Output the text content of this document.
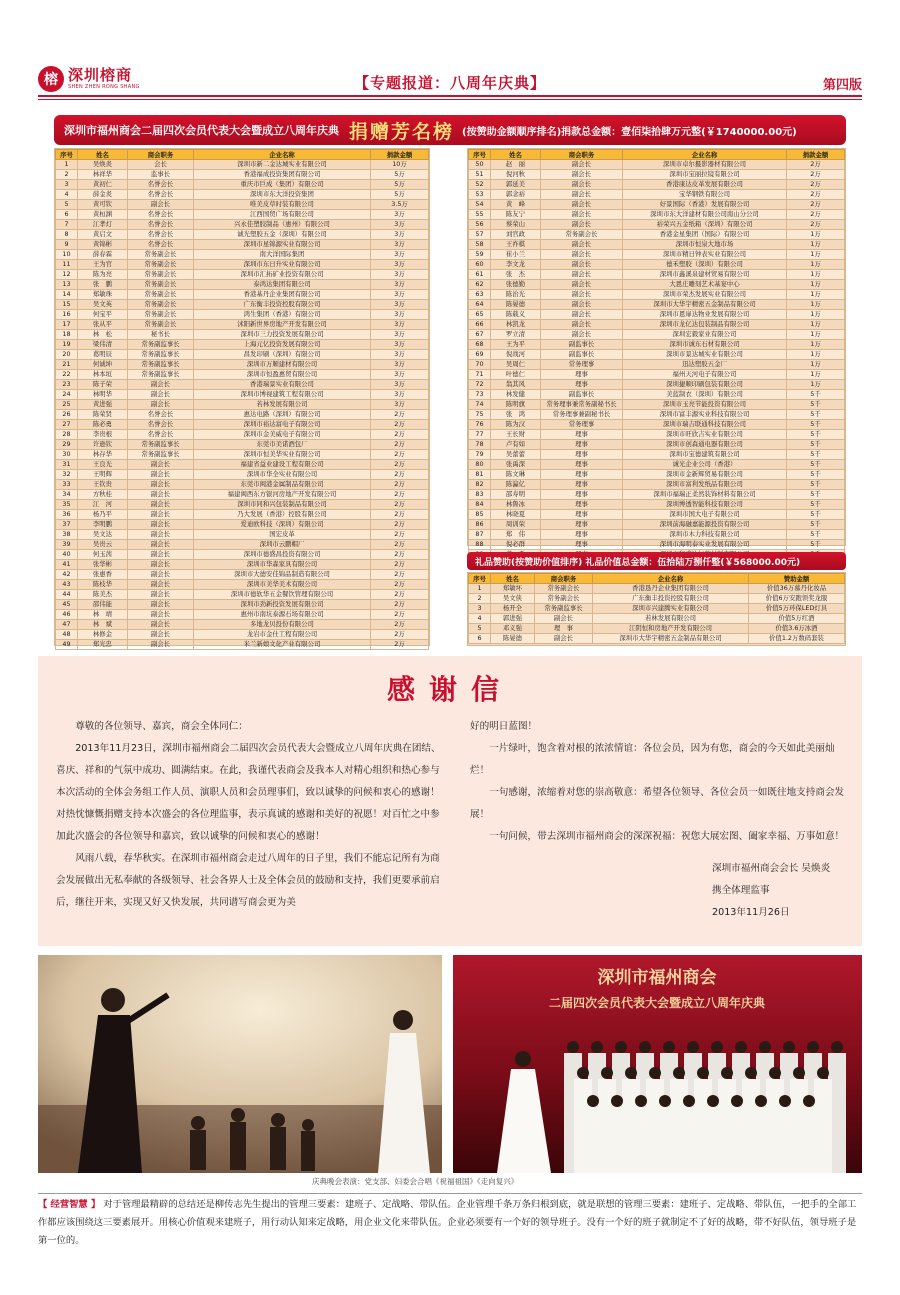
榕 深圳榕商
SHEN ZHEN RONG SHANG	【专题报道：八周年庆典】	第四版
深圳市福州商会二届四次会员代表大会暨成立八周年庆典 捐赠芳名榜 (按赞助金额顺序排名)捐款总金额：壹佰柒拾肆万元整(￥1740000.00元)
序号	姓名	商会职务	企业名称	捐款金额
1	吴焕炎	会长	深圳市新二金达城实业有限公司	10万
2	林祥华	监事长	香港福成投资集团有限公司	5万
3	黄初仁	名誉会长	重庆市巨成（集团）有限公司	5万
4	薛金炎	名誉会长	深圳市东大洋投资集团	5万
5	黄可钦	副会长	唯美皮草时装有限公司	3.5万
6	黄桓渊	名誉会长	江西国贸广场有限公司	3万
7	江孝灯	名誉会长	兴永佳塑胶制品（惠州）有限公司	3万
8	黄启文	名誉会长	诚光塑胶五金（深圳）有限公司	3万
9	黄锦彬	名誉会长	深圳市星锦源实业有限公司	3万
10	薛春霖	常务副会长	南大洋国际集团	3万
11	王为官	常务副会长	深圳市东日升实业有限公司	3万
12	陈为亮	常务副会长	深圳市汇拓矿业投资有限公司	3万
13	张　鹏	常务副会长	泰鸿达集团有限公司	3万
14	郑敏珠	常务副会长	香港基丹企业集团有限公司	3万
15	吴文英	常务副会长	广东衡丰投资控股有限公司	3万
16	何宝平	常务副会长	鸿生集团（香港）有限公司	3万
17	张从平	常务副会长	沭阳新世界房地产开发有限公司	3万
18	林　松	秘书长	深圳市三力投资发展有限公司	3万
19	梁伟清	常务副监事长	上海元亿投资发展有限公司	3万
20	葛明辰	常务副监事长	昌发印刷（深圳）有限公司	3万
21	何诚坤	常务副监事长	深圳市万顺建材有限公司	3万
22	林本垣	常务副监事长	深圳市恒盈惠贸有限公司	3万
23	陈子荣	副会长	香港瑞景实业有限公司	3万
24	林明华	副会长	深圳市博视建筑工程有限公司	3万
25	黄进强	副会长	若林发展有限公司	3万
26	陈荣贤	名誉会长	惠达电路（深圳）有限公司	2万
27	陈必勇	名誉会长	深圳市裕达富电子有限公司	2万
28	李贵根	名誉会长	深圳市金美威电子有限公司	2万
29	许逊钦	常务副监事长	东莞市美诺酒包厂	2万
30	林存华	常务副监事长	深圳市恒美华实业有限公司	2万
31	王良光	副会长	福建省益业建设工程有限公司	2万
32	王明辉	副会长	深圳市华全实业有限公司	2万
33	王钦贵	副会长	东莞市闽港金属制品有限公司	2万
34	方秋桂	副会长	福建闽西东方银河房地产开发有限公司	2万
35	江　河	副会长	深圳市同和兴包装制品有限公司	2万
36	杨乃平	副会长	乃大发展（香港）控股有限公司	2万
37	李明鹏	副会长	爱迪欧科技（深圳）有限公司	2万
38	吴文达	副会长	国宏皮革	2万
39	吴贵云	副会长	深圳市云鹏帽厂	2万
40	何玉茜	副会长	深圳市德盛昌投资有限公司	2万
41	张华彬	副会长	深圳市华森家具有限公司	2万
42	张惠香	副会长	深圳市大德安佳锦品制造有限公司	2万
43	陈枝华	副会长	深圳市美华美术有限公司	2万
44	陈美杰	副会长	深圳市德软华五金餐饮管理有限公司	2万
45	邵伟能	副会长	深圳市劲新投资发展有限公司	2万
46	林　靖	副会长	惠州市南坑泰源石场有限公司	2万
47	林　斌	副会长	多地龙贝投份有限公司	2万
48	林修金	副会长	龙岩市金仕工程有限公司	2万
49	郑光忠	副会长	米兰新娘文化产业有限公司	2万
序号	姓名	商会职务	企业名称	捐款金额
50	赵　丽	副会长	深圳市卓尔摄影器材有限公司	2万
51	倪河秋	副会长	深圳市宝丽拉镜有限公司	2万
52	郭延美	副会长	香港康达皮革发展有限公司	2万
53	郭念裕	副会长	宝华钢铁有限公司	2万
54	黄　峰	副会长	好景国际（香港）发展有限公司	2万
55	陈友宁	副会长	深圳市东大洋建材有限公司南山分公司	2万
56	蔡荣山	副会长	裕荣兴五金纸箱（深圳）有限公司	2万
57	刘官政	常务副会长	香港金星集团（国际）有限公司	1万
58	王祚棋	副会长	深圳市恒泉大地市场	1万
59	崔小兰	副会长	深圳市精日钟表实业有限公司	1万
60	李文龙	副会长	德禾塑胶（深圳）有限公司	1万
61	张　杰	副会长	深圳市鑫溪泉建材贸易有限公司	1万
62	张德勤	副会长	大恩庄雕刻艺术基宴中心	1万
63	陈治光	副会长	深圳市荣杰发展实业有限公司	1万
64	陈晏德	副会长	深圳市大华宇精密五金制品有限公司	1万
65	陈载义	副会长	深圳市恩扉达物业发展有限公司	1万
66	林凯龙	副会长	深圳市龙亿达包装制品有限公司	1万
67	罗立清	副会长	深圳宏毅家业有限公司	1万
68	王为平	副监事长	深圳市诚东石材有限公司	1万
69	倪战河	副监事长	深圳市景达城实业有限公司	1万
70	吴周仁	常务理事	迅达塑胶五金厂	1万
71	叶德仁	理事	福州天河电子有限公司	1万
72	翁其风	理事	深圳捷顺印刷包装有限公司	1万
73	林发健	副监事长	美蓝制衣（深圳）有限公司	5千
74	陈明旗	常务理事兼常务副秘书长	深圳市玉亮节能投资有限公司	5千
75	张　鸿	常务理事兼副秘书长	深圳市富丰源实业科技有限公司	5千
76	陈为汉	常务理事	深圳市瑞吉联通科技有限公司	5千
77	王长财	理事	深圳市旺欣吉实业有限公司	5千
78	卢有如	理事	深圳市创森通电器有限公司	5千
79	吴蕾蕾	理事	深圳市宝德建筑有限公司	5千
80	张禹深	理事	诚光企业公司（香港）	5千
81	陈文琳	理事	深圳市金新辉贸易有限公司	5千
82	陈瀛亿	理事	深圳市富利发纸品有限公司	5千
83	邵寿明	理事	深圳市福瑞正柔然装饰材料有限公司	5千
84	林鲁冰	理事	深圳博透智能科技有限公司	5千
85	林晓夏	理事	深圳市国大电子有限公司	5千
86	周训荣	理事	深圳前海融嘉能源投资有限公司	5千
87	郑　伟	理事	深圳市木力科技有限公司	5千
88	倪必群	理事	深圳市海明泰实业发展有限公司	5千

礼品赞助(按赞助价值排序) 礼品价值总金额：伍拾陆万捌仟整(￥568000.00元)
序号	姓名	商会职务	企业名称	赞助金额
1	郑敏坏	常务副会长	香港恳丹企业集团有限公司	价值36万慕丹化妆品
2	吴文侠	常务副会长	广东衡丰投资控股有限公司	价值6万安跑领奖龙服
3	杨开全	常务副监事长	深圳市兴建腾实业有限公司	价值5万环保LED灯具
4	郭进强	副会长	若林发展有限公司	价值5万红酒
5	邓义强	理　事	江阴恒和房地产开发有限公司	价值3.6万冰酒
6	陈晏德	副会长	深圳市大华宇精密五金制品有限公司	价值1.2万数码套装
感谢信

尊敬的各位领导、嘉宾，商会全体同仁：

2013年11月23日，深圳市福州商会二届四次会员代表大会暨成立八周年庆典在团结、喜庆、祥和的气氛中成功、圆满结束。在此，我谨代表商会及我本人对精心组织和热心参与本次活动的全体会务组工作人员、演职人员和会员理事们，致以诚挚的问候和衷心的感谢！对热忱慷慨捐赠支持本次盛会的各位理监事，表示真诚的感谢和美好的祝愿！对百忙之中参加此次盛会的各位领导和嘉宾，致以诚挚的问候和衷心的感谢！

风雨八载，春华秋实。在深圳市福州商会走过八周年的日子里，我们不能忘记所有为商会发展做出无私奉献的各级领导、社会各界人士及全体会员的鼓励和支持，我们更要承前启后，继往开来，实现又好又快发展，共同谱写商会更为美

好的明日蓝图！

一片绿叶，饱含着对根的浓浓情谊：各位会员，因为有您，商会的今天如此美丽灿烂！

一句感谢，浓缩着对您的崇高敬意：希望各位领导、各位会员一如既往地支持商会发展！

一句问候，带去深圳市福州商会的深深祝福：祝您大展宏图、阖家幸福、万事如意！

深圳市福州商会会长 吴焕炎
携全体理监事
2013年11月26日
深圳市福州商会
二届四次会员代表大会暨成立八周年庆典
庆典晚会表演：党支部、妇委会合唱《祝福祖国》《走向复兴》
【 经营智慧 】 对于管理最精辟的总结还是柳传志先生提出的管理三要素：建班子、定战略、带队伍。企业管理千条万条归根到底，就是联想的管理三要素：建班子、定战略、带队伍，一把手的全部工作都应该围绕这三要素展开。用核心价值观来建班子，用行动认知来定战略，用企业文化来带队伍。企业必须要有一个好的领导班子。没有一个好的班子就制定不了好的战略，带不好队伍，领导班子是第一位的。
